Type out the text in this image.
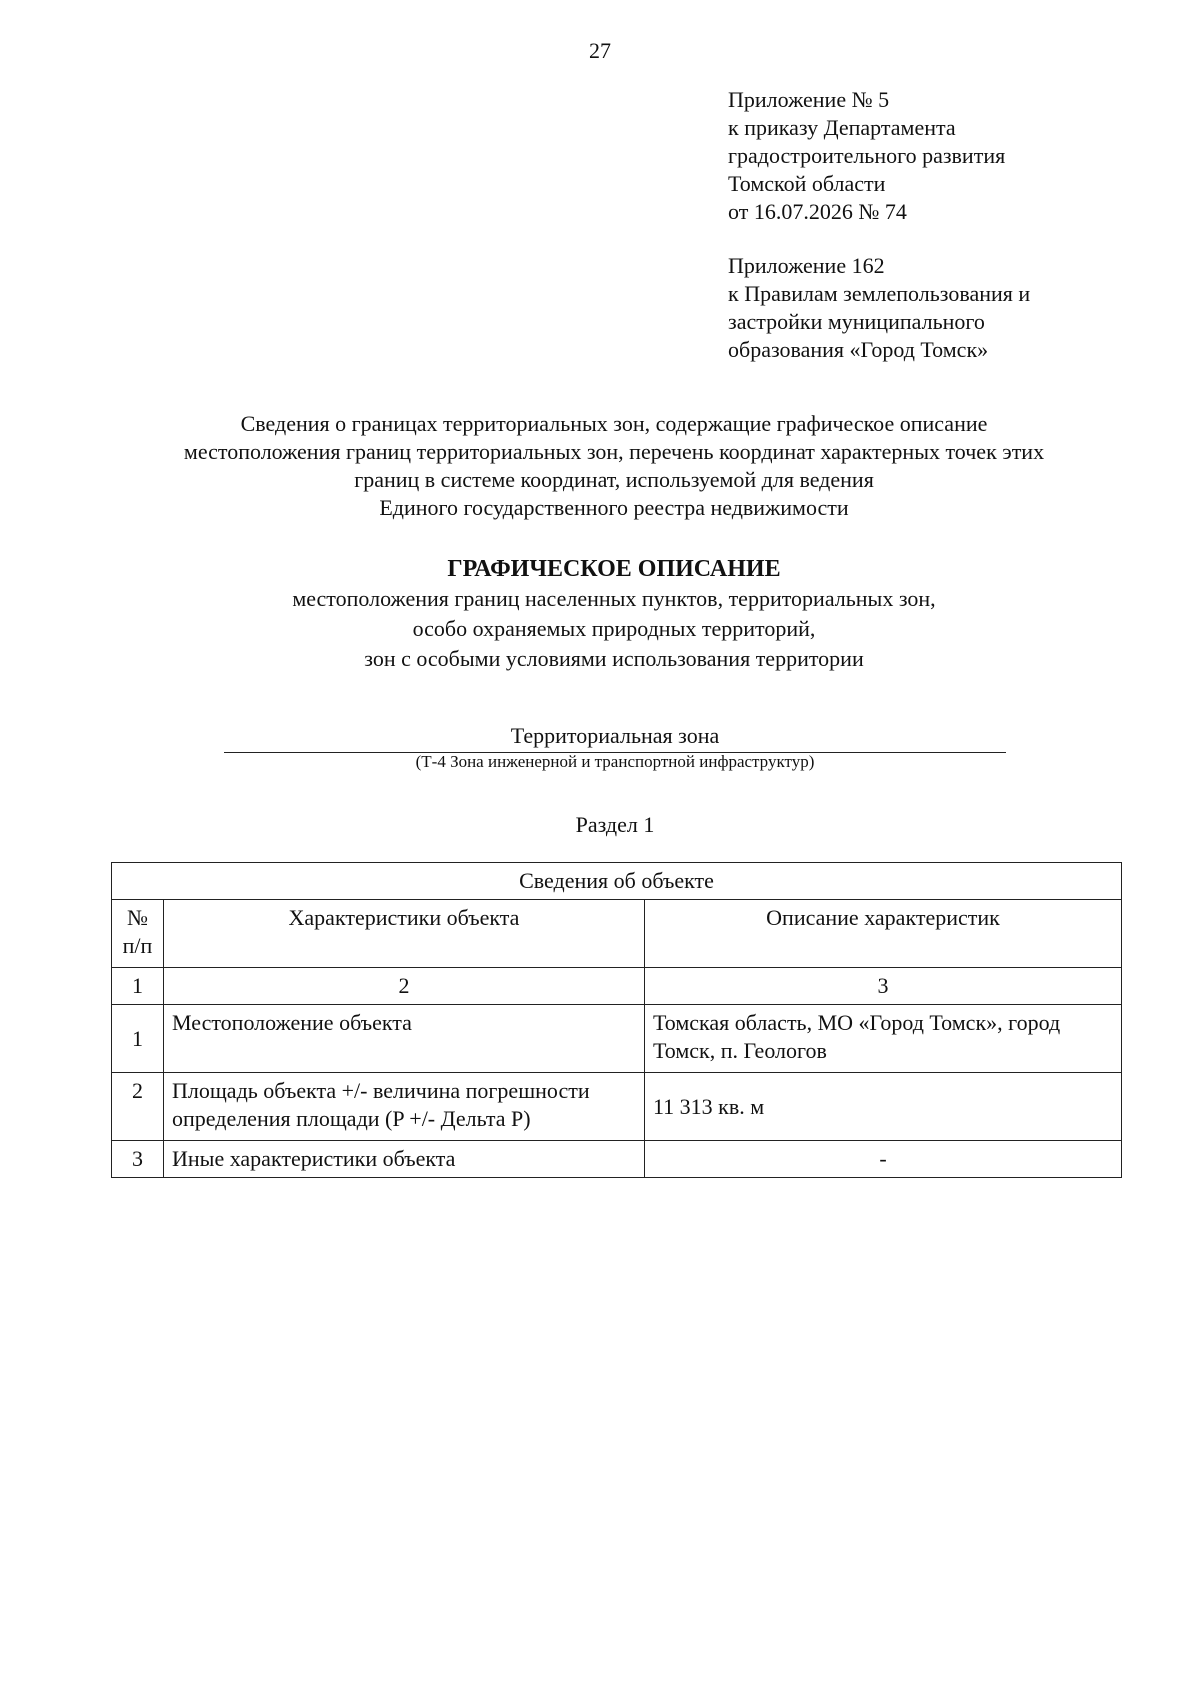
27
Приложение № 5
к приказу Департамента
градостроительного развития
Томской области
от 16.07.2026 № 74
Приложение 162
к Правилам землепользования и
застройки муниципального
образования «Город Томск»
Сведения о границах территориальных зон, содержащие графическое описание
местоположения границ территориальных зон, перечень координат характерных точек этих
границ в системе координат, используемой для ведения
Единого государственного реестра недвижимости
ГРАФИЧЕСКОЕ ОПИСАНИЕ
местоположения границ населенных пунктов, территориальных зон,
особо охраняемых природных территорий,
зон с особыми условиями использования территории
Территориальная зона
(Т-4 Зона инженерной и транспортной инфраструктур)
Раздел 1
Сведения об объекте		
№ п/п	Характеристики объекта	Описание характеристик
1	2	3
1	Местоположение объекта	Томская область, МО «Город Томск», город Томск, п. Геологов
2	Площадь объекта +/- величина погрешности определения площади (P +/- Дельта P)	11 313 кв. м
3	Иные характеристики объекта	-
